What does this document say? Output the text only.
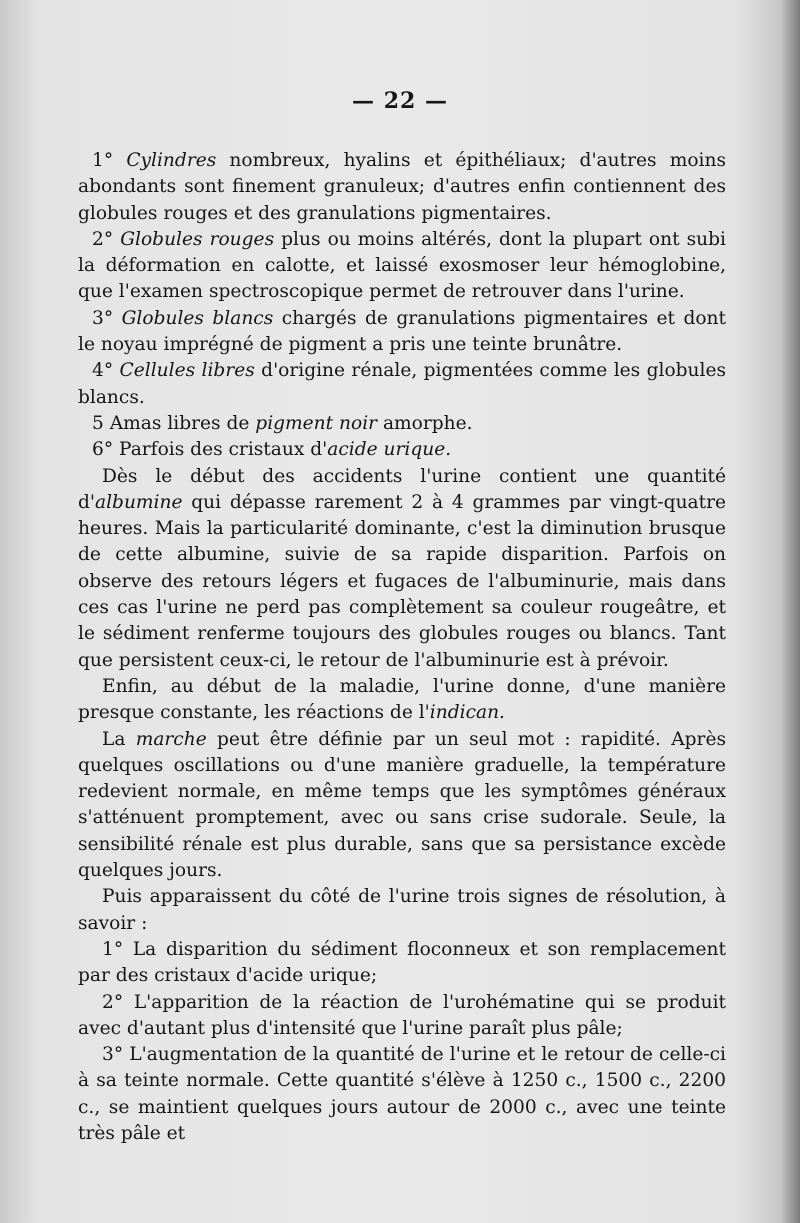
— 22 —

1° Cylindres nombreux, hyalins et épithéliaux; d'autres moins abondants sont finement granuleux; d'autres enfin contiennent des globules rouges et des granulations pigmentaires.

2° Globules rouges plus ou moins altérés, dont la plupart ont subi la déformation en calotte, et laissé exosmoser leur hémoglobine, que l'examen spectroscopique permet de retrouver dans l'urine.

3° Globules blancs chargés de granulations pigmentaires et dont le noyau imprégné de pigment a pris une teinte brunâtre.

4° Cellules libres d'origine rénale, pigmentées comme les globules blancs.

5 Amas libres de pigment noir amorphe.

6° Parfois des cristaux d'acide urique.

Dès le début des accidents l'urine contient une quantité d'albumine qui dépasse rarement 2 à 4 grammes par vingt-quatre heures. Mais la particularité dominante, c'est la diminution brusque de cette albumine, suivie de sa rapide disparition. Parfois on observe des retours légers et fugaces de l'albuminurie, mais dans ces cas l'urine ne perd pas complètement sa couleur rougeâtre, et le sédiment renferme toujours des globules rouges ou blancs. Tant que persistent ceux-ci, le retour de l'albuminurie est à prévoir.

Enfin, au début de la maladie, l'urine donne, d'une manière presque constante, les réactions de l'indican.

La marche peut être définie par un seul mot : rapidité. Après quelques oscillations ou d'une manière graduelle, la température redevient normale, en même temps que les symptômes généraux s'atténuent promptement, avec ou sans crise sudorale. Seule, la sensibilité rénale est plus durable, sans que sa persistance excède quelques jours.

Puis apparaissent du côté de l'urine trois signes de résolution, à savoir :

1° La disparition du sédiment floconneux et son remplacement par des cristaux d'acide urique;

2° L'apparition de la réaction de l'urohématine qui se produit avec d'autant plus d'intensité que l'urine paraît plus pâle;

3° L'augmentation de la quantité de l'urine et le retour de celle-ci à sa teinte normale. Cette quantité s'élève à 1250 c., 1500 c., 2200 c., se maintient quelques jours autour de 2000 c., avec une teinte très pâle et
